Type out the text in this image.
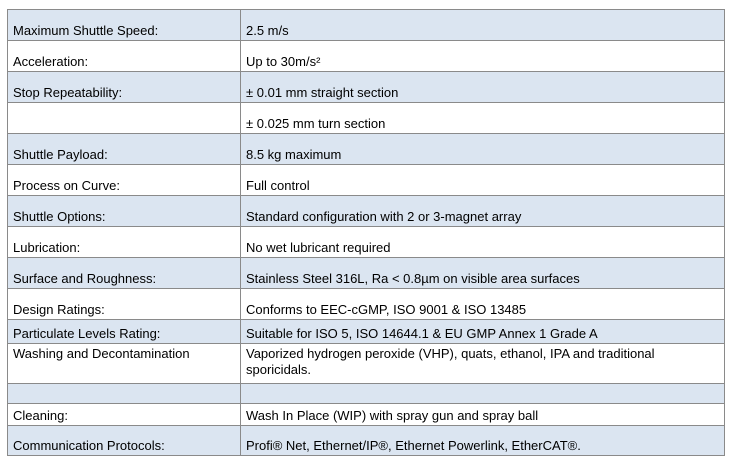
Maximum Shuttle Speed:	2.5 m/s
Acceleration:	Up to 30m/s²
Stop Repeatability:	± 0.01 mm straight section
	± 0.025 mm turn section
Shuttle Payload:	8.5 kg maximum
Process on Curve:	Full control
Shuttle Options:	Standard configuration with 2 or 3-magnet array
Lubrication:	No wet lubricant required
Surface and Roughness:	Stainless Steel 316L, Ra < 0.8µm on visible area surfaces
Design Ratings:	Conforms to EEC-cGMP, ISO 9001 & ISO 13485
Particulate Levels Rating:	Suitable for ISO 5, ISO 14644.1 & EU GMP Annex 1 Grade A
Washing and Decontamination	Vaporized hydrogen peroxide (VHP), quats, ethanol, IPA and traditional sporicidals.

Cleaning:	Wash In Place (WIP) with spray gun and spray ball
Communication Protocols:	Profi® Net, Ethernet/IP®, Ethernet Powerlink, EtherCAT®.
